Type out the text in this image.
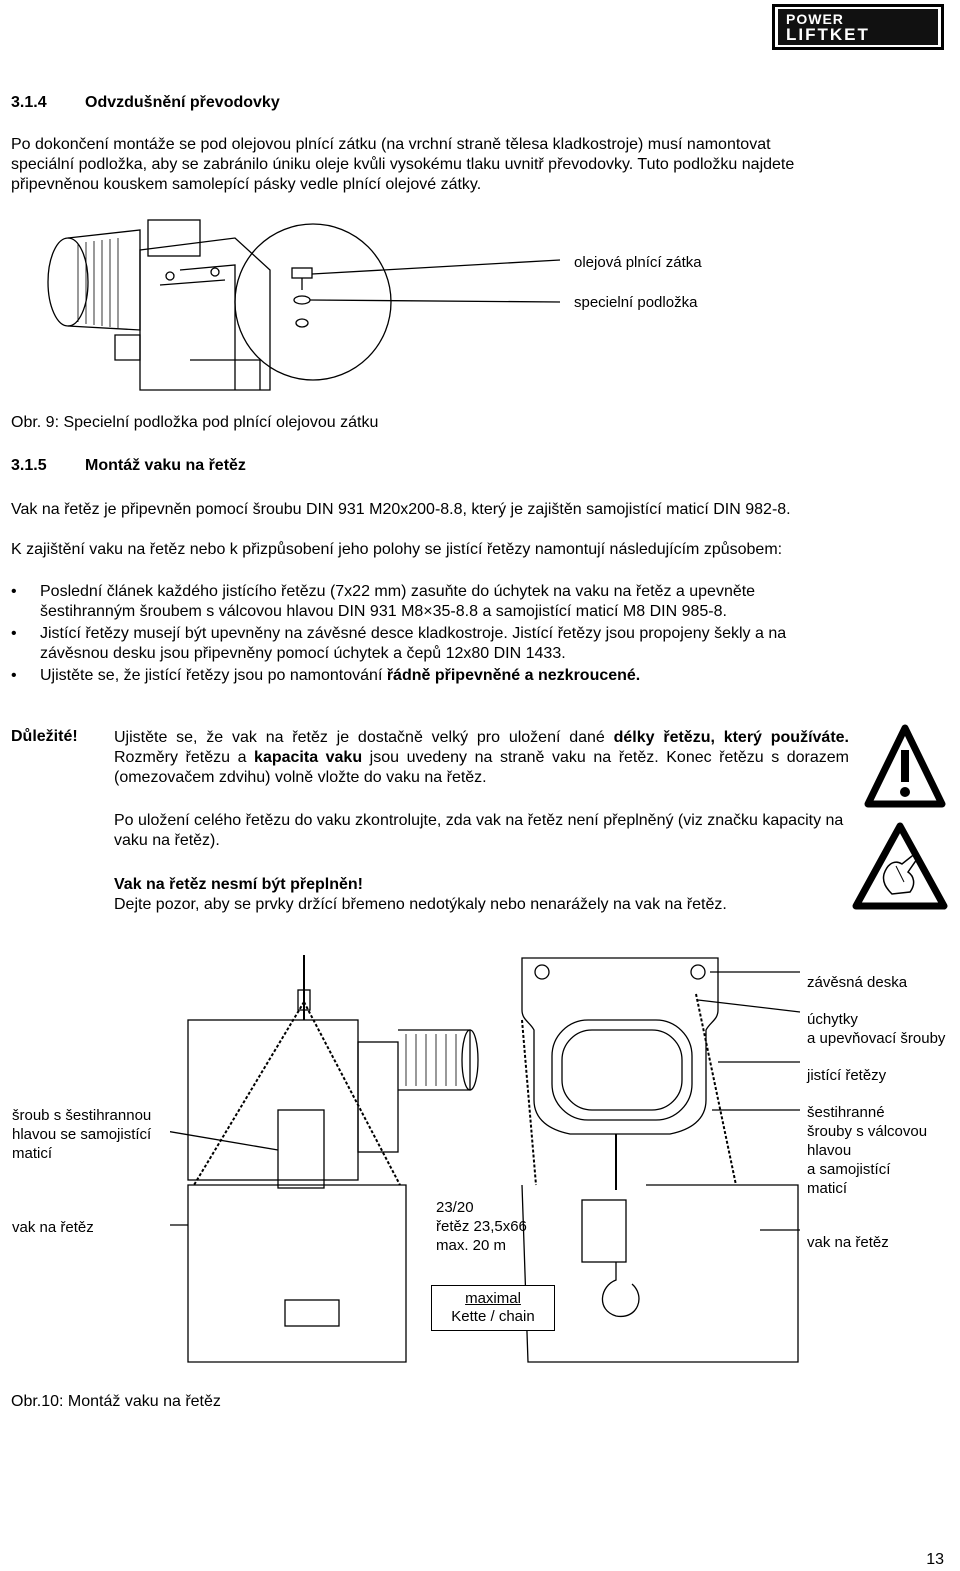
POWER
LIFTKET
3.1.4 Odvzdušnění převodovky
Po dokončení montáže se pod olejovou plnící zátku (na vrchní straně tělesa kladkostroje) musí namontovat
speciální podložka, aby se zabránilo úniku oleje kvůli vysokému tlaku uvnitř převodovky. Tuto podložku najdete
připevněnou kouskem samolepící pásky vedle plnící olejové zátky.
olejová plnící zátka
specielní podložka
Obr. 9: Specielní podložka pod plnící olejovou zátku
3.1.5 Montáž vaku na řetěz
Vak na řetěz je připevněn pomocí šroubu DIN 931 M20x200-8.8, který je zajištěn samojistící maticí DIN 982-8.
K zajištění vaku na řetěz nebo k přizpůsobení jeho polohy se jistící řetězy namontují následujícím způsobem:
• Poslední článek každého jistícího řetězu (7x22 mm) zasuňte do úchytek na vaku na řetěz a upevněte
šestihranným šroubem s válcovou hlavou DIN 931 M8×35-8.8 a samojistící maticí M8 DIN 985-8.
• Jistící řetězy musejí být upevněny na závěsné desce kladkostroje. Jistící řetězy jsou propojeny šekly a na
závěsnou desku jsou připevněny pomocí úchytek a čepů 12x80 DIN 1433.
• Ujistěte se, že jistící řetězy jsou po namontování řádně připevněné a nezkroucené.
Důležité! Ujistěte se, že vak na řetěz je dostačně velký pro uložení dané délky řetězu, který používáte. Rozměry řetězu a kapacita vaku jsou uvedeny na straně vaku na řetěz. Konec řetězu s dorazem (omezovačem zdvihu) volně vložte do vaku na řetěz.
Po uložení celého řetězu do vaku zkontrolujte, zda vak na řetěz není přeplněný (viz značku kapacity na vaku na řetěz).
Vak na řetěz nesmí být přeplněn!
Dejte pozor, aby se prvky držící břemeno nedotýkaly nebo nenarážely na vak na řetěz.
šroub s šestihrannou
hlavou se samojistící
maticí
vak na řetěz
23/20
řetěz 23,5x66
max. 20 m
maximal
Kette / chain
závěsná deska
úchytky
a upevňovací šrouby
jistící řetězy
šestihranné
šrouby s válcovou
hlavou
a samojistící
maticí
vak na řetěz
Obr.10: Montáž vaku na řetěz
13
